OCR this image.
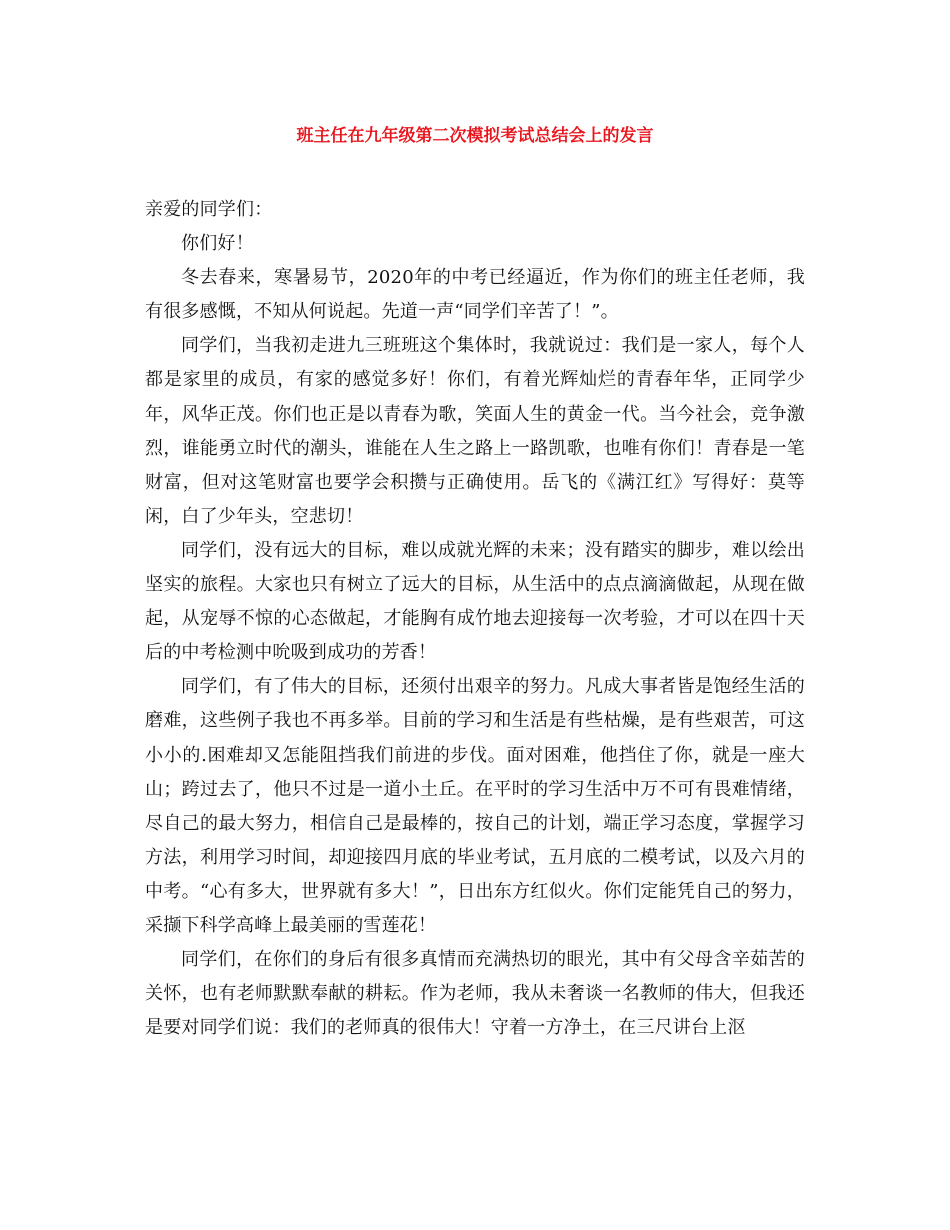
班主任在九年级第二次模拟考试总结会上的发言

亲爱的同学们：

你们好！

冬去春来，寒暑易节，2020年的中考已经逼近，作为你们的班主任老师，我有很多感慨，不知从何说起。先道一声“同学们辛苦了！”。

同学们，当我初走进九三班班这个集体时，我就说过：我们是一家人，每个人都是家里的成员，有家的感觉多好！你们，有着光辉灿烂的青春年华，正同学少年，风华正茂。你们也正是以青春为歌，笑面人生的黄金一代。当今社会，竞争激烈，谁能勇立时代的潮头，谁能在人生之路上一路凯歌，也唯有你们！青春是一笔财富，但对这笔财富也要学会积攒与正确使用。岳飞的《满江红》写得好：莫等闲，白了少年头，空悲切！

同学们，没有远大的目标，难以成就光辉的未来；没有踏实的脚步，难以绘出坚实的旅程。大家也只有树立了远大的目标，从生活中的点点滴滴做起，从现在做起，从宠辱不惊的心态做起，才能胸有成竹地去迎接每一次考验，才可以在四十天后的中考检测中吮吸到成功的芳香！

同学们，有了伟大的目标，还须付出艰辛的努力。凡成大事者皆是饱经生活的磨难，这些例子我也不再多举。目前的学习和生活是有些枯燥，是有些艰苦，可这小小的.困难却又怎能阻挡我们前进的步伐。面对困难，他挡住了你，就是一座大山；跨过去了，他只不过是一道小土丘。在平时的学习生活中万不可有畏难情绪，尽自己的最大努力，相信自己是最棒的，按自己的计划，端正学习态度，掌握学习方法，利用学习时间，却迎接四月底的毕业考试，五月底的二模考试，以及六月的中考。“心有多大，世界就有多大！”，日出东方红似火。你们定能凭自己的努力，采撷下科学高峰上最美丽的雪莲花！

同学们，在你们的身后有很多真情而充满热切的眼光，其中有父母含辛茹苦的关怀，也有老师默默奉献的耕耘。作为老师，我从未奢谈一名教师的伟大，但我还是要对同学们说：我们的老师真的很伟大！守着一方净土，在三尺讲台上沤
